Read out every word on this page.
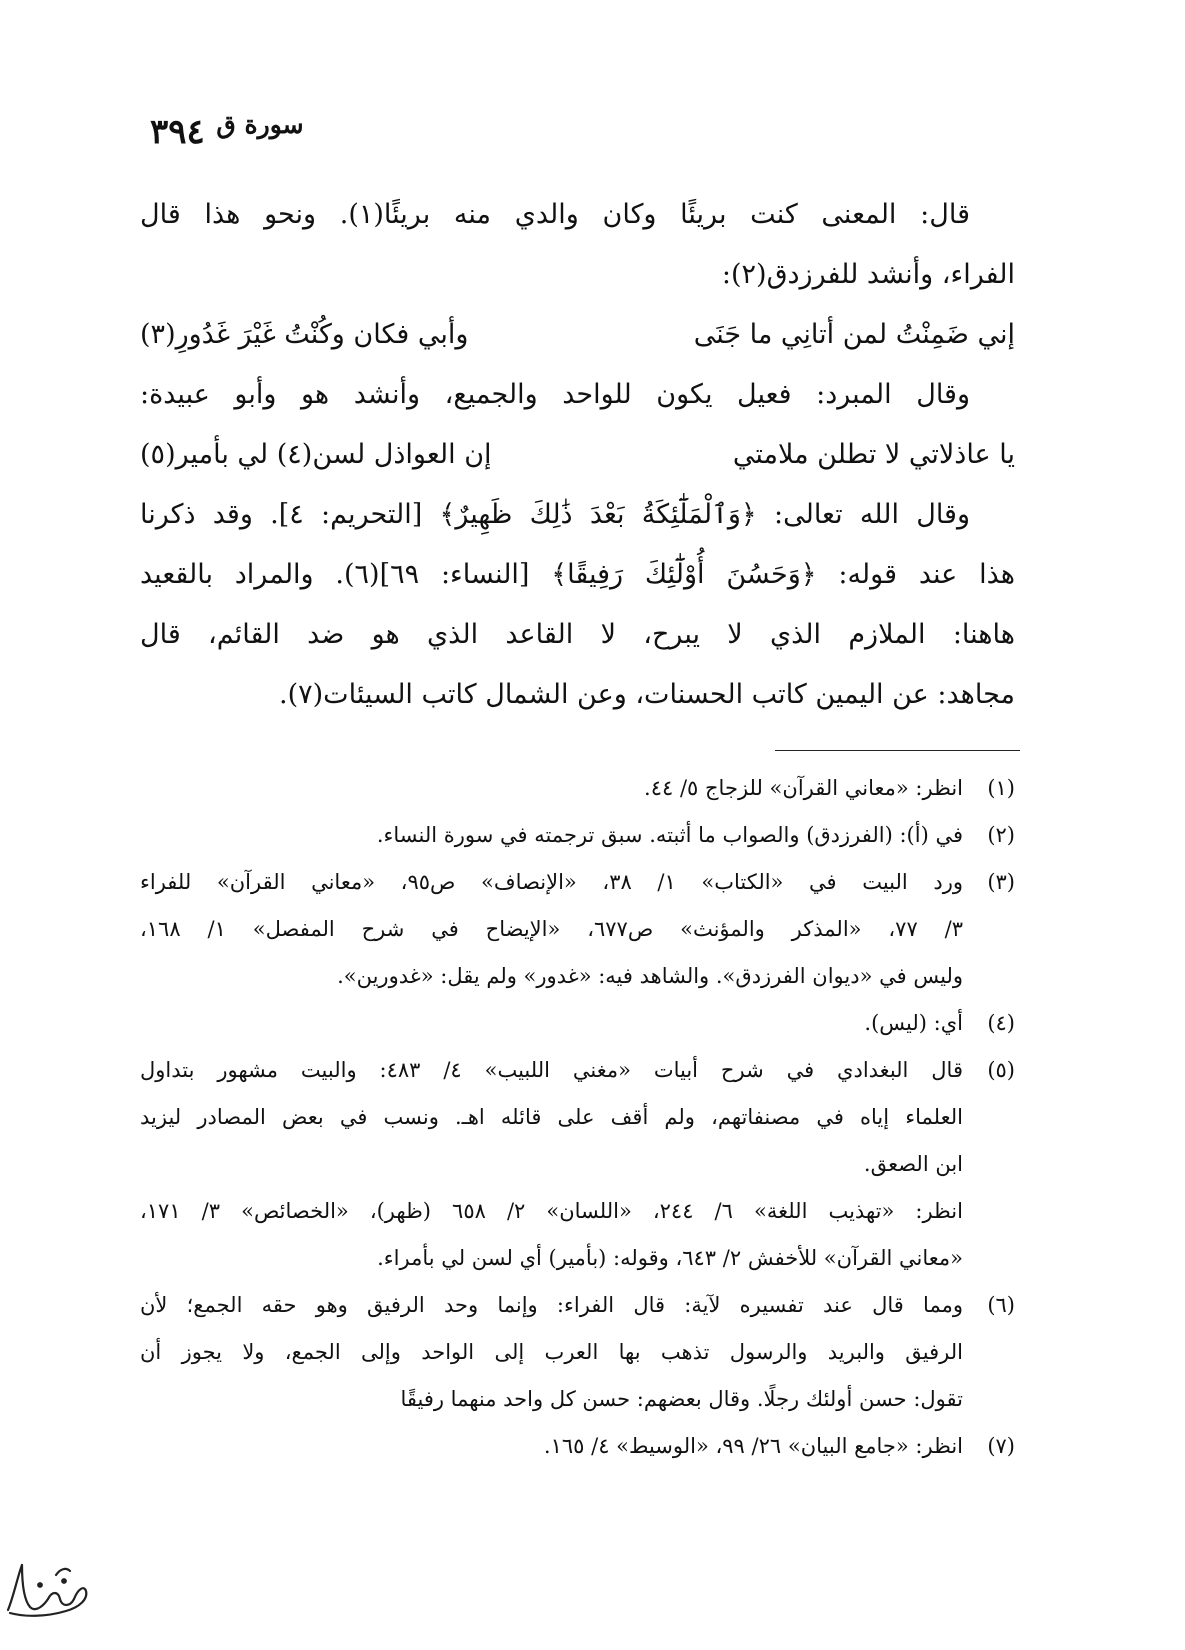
٣٩٤ سورة ق
قال: المعنى كنت بريئًا وكان والدي منه بريئًا(١). ونحو هذا قال
الفراء، وأنشد للفرزدق(٢):
إني ضَمِنْتُ لمن أتانِي ما جَنَى
وأبي فكان وكُنْتُ غَيْرَ غَدُورِ(٣)
وقال المبرد: فعيل يكون للواحد والجميع، وأنشد هو وأبو عبيدة:
يا عاذلاتي لا تطلن ملامتي
إن العواذل لسن(٤) لي بأمير(٥)
وقال الله تعالى: ﴿وَٱلْمَلَٰٓئِكَةُ بَعْدَ ذَٰلِكَ ظَهِيرٌ﴾ [التحريم: ٤]. وقد ذكرنا
هذا عند قوله: ﴿وَحَسُنَ أُوْلَٰٓئِكَ رَفِيقًا﴾ [النساء: ٦٩](٦). والمراد بالقعيد
هاهنا: الملازم الذي لا يبرح، لا القاعد الذي هو ضد القائم، قال
مجاهد: عن اليمين كاتب الحسنات، وعن الشمال كاتب السيئات(٧).
(١)
انظر: «معاني القرآن» للزجاج ٥/ ٤٤.
(٢)
في (أ): (الفرزدق) والصواب ما أثبته. سبق ترجمته في سورة النساء.
(٣)
ورد البيت في «الكتاب» ١/ ٣٨، «الإنصاف» ص٩٥، «معاني القرآن» للفراء
٣/ ٧٧، «المذكر والمؤنث» ص٦٧٧، «الإيضاح في شرح المفصل» ١/ ١٦٨،
وليس في «ديوان الفرزدق». والشاهد فيه: «غدور» ولم يقل: «غدورين».
(٤)
أي: (ليس).
(٥)
قال البغدادي في شرح أبيات «مغني اللبيب» ٤/ ٤٨٣: والبيت مشهور بتداول
العلماء إياه في مصنفاتهم، ولم أقف على قائله اهـ. ونسب في بعض المصادر ليزيد
ابن الصعق.
انظر: «تهذيب اللغة» ٦/ ٢٤٤، «اللسان» ٢/ ٦٥٨ (ظهر)، «الخصائص» ٣/ ١٧١،
«معاني القرآن» للأخفش ٢/ ٦٤٣، وقوله: (بأمير) أي لسن لي بأمراء.
(٦)
ومما قال عند تفسيره لآية: قال الفراء: وإنما وحد الرفيق وهو حقه الجمع؛ لأن
الرفيق والبريد والرسول تذهب بها العرب إلى الواحد وإلى الجمع، ولا يجوز أن
تقول: حسن أولئك رجلًا. وقال بعضهم: حسن كل واحد منهما رفيقًا
(٧)
انظر: «جامع البيان» ٢٦/ ٩٩، «الوسيط» ٤/ ١٦٥.
